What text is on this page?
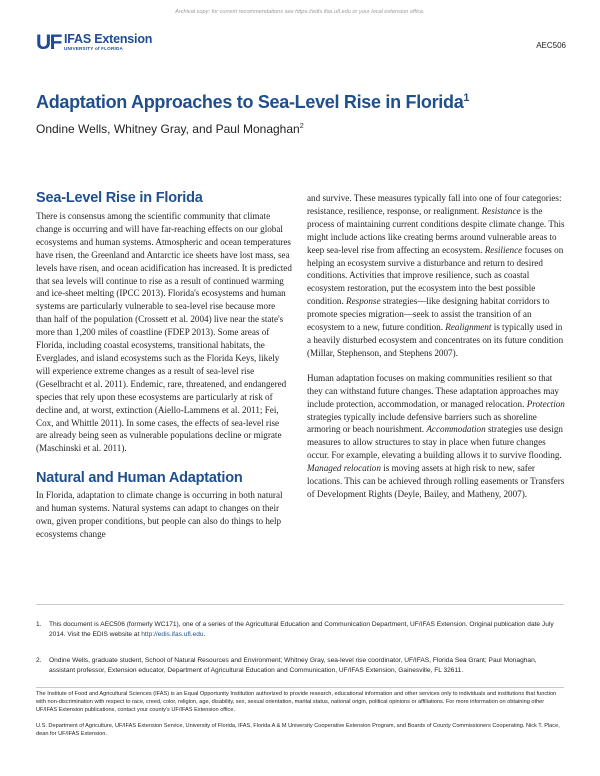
Archival copy: for current recommendations see https://edis.ifas.ufl.edu or your local extension office.
UF IFAS Extension
UNIVERSITY of FLORIDA	AEC506
Adaptation Approaches to Sea-Level Rise in Florida$^1$
Ondine Wells, Whitney Gray, and Paul Monaghan$^2$
Sea-Level Rise in Florida

There is consensus among the scientific community that climate change is occurring and will have far-reaching effects on our global ecosystems and human systems. Atmospheric and ocean temperatures have risen, the Greenland and Antarctic ice sheets have lost mass, sea levels have risen, and ocean acidification has increased. It is predicted that sea levels will continue to rise as a result of continued warming and ice-sheet melting (IPCC 2013). Florida's ecosystems and human systems are particularly vulnerable to sea-level rise because more than half of the population (Crossett et al. 2004) live near the state's more than 1,200 miles of coastline (FDEP 2013). Some areas of Florida, including coastal ecosystems, transitional habitats, the Everglades, and island ecosystems such as the Florida Keys, likely will experience extreme changes as a result of sea-level rise (Geselbracht et al. 2011). Endemic, rare, threatened, and endangered species that rely upon these ecosystems are particularly at risk of decline and, at worst, extinction (Aiello-Lammens et al. 2011; Fei, Cox, and Whittle 2011). In some cases, the effects of sea-level rise are already being seen as vulnerable populations decline or migrate (Maschinski et al. 2011).

Natural and Human Adaptation

In Florida, adaptation to climate change is occurring in both natural and human systems. Natural systems can adapt to changes on their own, given proper conditions, but people can also do things to help ecosystems change

and survive. These measures typically fall into one of four categories: resistance, resilience, response, or realignment. Resistance is the process of maintaining current conditions despite climate change. This might include actions like creating berms around vulnerable areas to keep sea-level rise from affecting an ecosystem. Resilience focuses on helping an ecosystem survive a disturbance and return to desired conditions. Activities that improve resilience, such as coastal ecosystem restoration, put the ecosystem into the best possible condition. Response strategies—like designing habitat corridors to promote species migration—seek to assist the transition of an ecosystem to a new, future condition. Realignment is typically used in a heavily disturbed ecosystem and concentrates on its future condition (Millar, Stephenson, and Stephens 2007).

Human adaptation focuses on making communities resilient so that they can withstand future changes. These adaptation approaches may include protection, accommodation, or managed relocation. Protection strategies typically include defensive barriers such as shoreline armoring or beach nourishment. Accommodation strategies use design measures to allow structures to stay in place when future changes occur. For example, elevating a building allows it to survive flooding. Managed relocation is moving assets at high risk to new, safer locations. This can be achieved through rolling easements or Transfers of Development Rights (Deyle, Bailey, and Matheny, 2007).

1. This document is AEC506 (formerly WC171), one of a series of the Agricultural Education and Communication Department, UF/IFAS Extension. Original publication date July 2014. Visit the EDIS website at http://edis.ifas.ufl.edu.
2. Ondine Wells, graduate student, School of Natural Resources and Environment; Whitney Gray, sea-level rise coordinator, UF/IFAS, Florida Sea Grant; Paul Monaghan, assistant professor, Extension educator, Department of Agricultural Education and Communication, UF/IFAS Extension, Gainesville, FL 32611.
The Institute of Food and Agricultural Sciences (IFAS) is an Equal Opportunity Institution authorized to provide research, educational information and other services only to individuals and institutions that function with non-discrimination with respect to race, creed, color, religion, age, disability, sex, sexual orientation, marital status, national origin, political opinions or affiliations. For more information on obtaining other UF/IFAS Extension publications, contact your county's UF/IFAS Extension office.
U.S. Department of Agriculture, UF/IFAS Extension Service, University of Florida, IFAS, Florida A & M University Cooperative Extension Program, and Boards of County Commissioners Cooperating. Nick T. Place, dean for UF/IFAS Extension.
